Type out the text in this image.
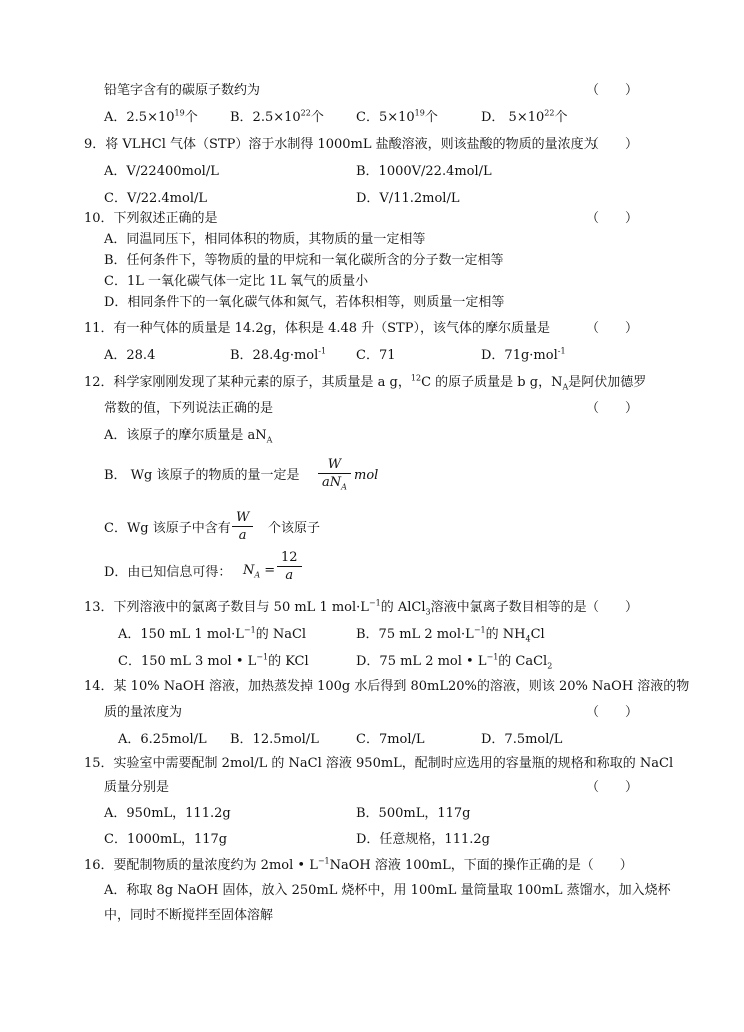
铅笔字含有的碳原子数约为	（　　）
A．$2.5\times 10^{19}$个 B．$2.5\times 10^{22}$个 C．$5\times 10^{19}$个	D． $5\times 10^{22}$个
9．将 VLHCl 气体（STP）溶于水制得 1000mL 盐酸溶液，则该盐酸的物质的量浓度为
（　　）
A．V/22400mol/L	B．1000V/22.4mol/L
C．V/22.4mol/L	D．V/11.2mol/L
10．下列叙述正确的是	（　　）
A．同温同压下，相同体积的物质，其物质的量一定相等
B．任何条件下，等物质的量的甲烷和一氧化碳所含的分子数一定相等
C．1L 一氧化碳气体一定比 1L 氧气的质量小
D．相同条件下的一氧化碳气体和氮气，若体积相等，则质量一定相等
11．有一种气体的质量是 14.2g，体积是 4.48 升（STP），该气体的摩尔质量是	（　　）
A．28.4	B．28.4g·mol$^{-1}$ C．71	D．71g·mol$^{-1}$
12．科学家刚刚发现了某种元素的原子，其质量是 a g，$^{12}$C 的原子质量是 b g，$N_A$是阿伏加德罗
常数的值，下列说法正确的是	（　　）
A．该原子的摩尔质量是 $aN_A$
B． Wg 该原子的物质的量一定是
W
$aN_A$
mol
C．Wg 该原子中含有 $\frac{W}{a}$ 个该原子
D．由已知信息可得： $N_A = \frac{12}{a}$
13．下列溶液中的氯离子数目与 50 mL 1 $mol\cdot L^{-1}$的 AlCl$_3$溶液中氯离子数目相等的是 （　　）
A．150 mL 1 $mol\cdot L^{-1}$的 NaCl	B．75 mL 2 $mol\cdot L^{-1}$的 $NH_4Cl$
C．150 mL 3 mol • $L^{-1}$的 KCl	D．75 mL 2 mol • $L^{-1}$的 CaCl$_2$
14．某 10% NaOH 溶液，加热蒸发掉 100g 水后得到 80mL20%的溶液，则该 20% NaOH 溶液的物
质的量浓度为	（　　）
A．6.25mol/L B．12.5mol/L	C．7mol/L	D．7.5mol/L
15．实验室中需要配制 2mol/L 的 NaCl 溶液 950mL，配制时应选用的容量瓶的规格和称取的 NaCl
质量分别是	（　　）
A．950mL，111.2g	B．500mL，117g
C．1000mL，117g	D．任意规格，111.2g
16．要配制物质的量浓度约为 2mol • $L^{-1}NaOH$ 溶液 100mL，下面的操作正确的是（　　）
A．称取 8g NaOH 固体，放入 250mL 烧杯中，用 100mL 量筒量取 100mL 蒸馏水，加入烧杯
中，同时不断搅拌至固体溶解
